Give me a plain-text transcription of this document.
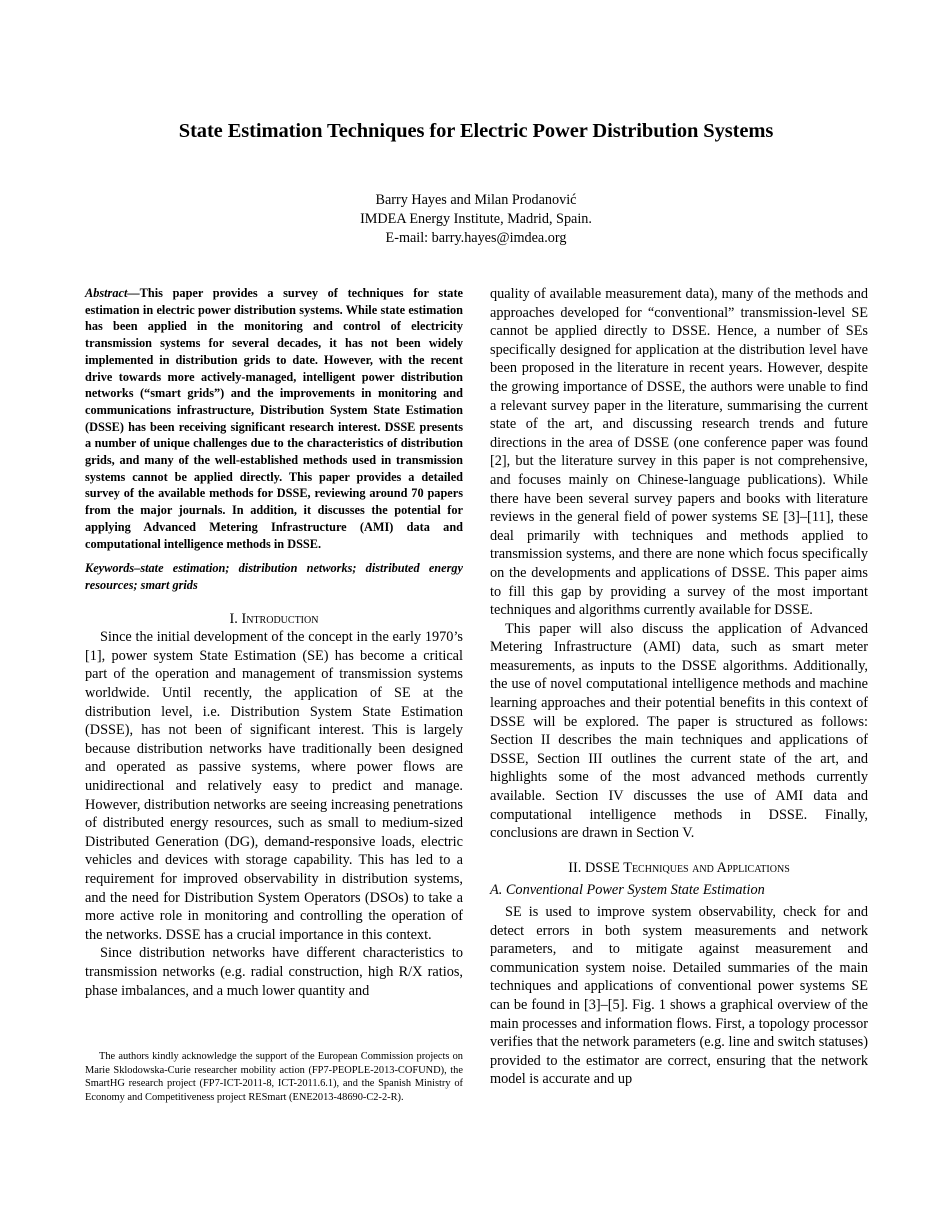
State Estimation Techniques for Electric Power Distribution Systems
Barry Hayes and Milan Prodanović
IMDEA Energy Institute, Madrid, Spain.
E-mail: barry.hayes@imdea.org
Abstract—This paper provides a survey of techniques for state estimation in electric power distribution systems. While state estimation has been applied in the monitoring and control of electricity transmission systems for several decades, it has not been widely implemented in distribution grids to date. However, with the recent drive towards more actively-managed, intelligent power distribution networks (“smart grids”) and the improvements in monitoring and communications infrastructure, Distribution System State Estimation (DSSE) has been receiving significant research interest. DSSE presents a number of unique challenges due to the characteristics of distribution grids, and many of the well-established methods used in transmission systems cannot be applied directly. This paper provides a detailed survey of the available methods for DSSE, reviewing around 70 papers from the major journals. In addition, it discusses the potential for applying Advanced Metering Infrastructure (AMI) data and computational intelligence methods in DSSE.
Keywords–state estimation; distribution networks; distributed energy resources; smart grids
I. Introduction

Since the initial development of the concept in the early 1970’s [1], power system State Estimation (SE) has become a critical part of the operation and management of transmission systems worldwide. Until recently, the application of SE at the distribution level, i.e. Distribution System State Estimation (DSSE), has not been of significant interest. This is largely because distribution networks have traditionally been designed and operated as passive systems, where power flows are unidirectional and relatively easy to predict and manage. However, distribution networks are seeing increasing penetrations of distributed energy resources, such as small to medium-sized Distributed Generation (DG), demand-responsive loads, electric vehicles and devices with storage capability. This has led to a requirement for improved observability in distribution systems, and the need for Distribution System Operators (DSOs) to take a more active role in monitoring and controlling the operation of the networks. DSSE has a crucial importance in this context.

Since distribution networks have different characteristics to transmission networks (e.g. radial construction, high R/X ratios, phase imbalances, and a much lower quantity and

quality of available measurement data), many of the methods and approaches developed for “conventional” transmission-level SE cannot be applied directly to DSSE. Hence, a number of SEs specifically designed for application at the distribution level have been proposed in the literature in recent years. However, despite the growing importance of DSSE, the authors were unable to find a relevant survey paper in the literature, summarising the current state of the art, and discussing research trends and future directions in the area of DSSE (one conference paper was found [2], but the literature survey in this paper is not comprehensive, and focuses mainly on Chinese-language publications). While there have been several survey papers and books with literature reviews in the general field of power systems SE [3]–[11], these deal primarily with techniques and methods applied to transmission systems, and there are none which focus specifically on the developments and applications of DSSE. This paper aims to fill this gap by providing a survey of the most important techniques and algorithms currently available for DSSE.

This paper will also discuss the application of Advanced Metering Infrastructure (AMI) data, such as smart meter measurements, as inputs to the DSSE algorithms. Additionally, the use of novel computational intelligence methods and machine learning approaches and their potential benefits in this context of DSSE will be explored. The paper is structured as follows: Section II describes the main techniques and applications of DSSE, Section III outlines the current state of the art, and highlights some of the most advanced methods currently available. Section IV discusses the use of AMI data and computational intelligence methods in DSSE. Finally, conclusions are drawn in Section V.

II. DSSE Techniques and Applications
A. Conventional Power System State Estimation

SE is used to improve system observability, check for and detect errors in both system measurements and network parameters, and to mitigate against measurement and communication system noise. Detailed summaries of the main techniques and applications of conventional power systems SE can be found in [3]–[5]. Fig. 1 shows a graphical overview of the main processes and information flows. First, a topology processor verifies that the network parameters (e.g. line and switch statuses) provided to the estimator are correct, ensuring that the network model is accurate and up

The authors kindly acknowledge the support of the European Commission projects on Marie Sklodowska-Curie researcher mobility action (FP7-PEOPLE-2013-COFUND), the SmartHG research project (FP7-ICT-2011-8, ICT-2011.6.1), and the Spanish Ministry of Economy and Competitiveness project RESmart (ENE2013-48690-C2-2-R).
